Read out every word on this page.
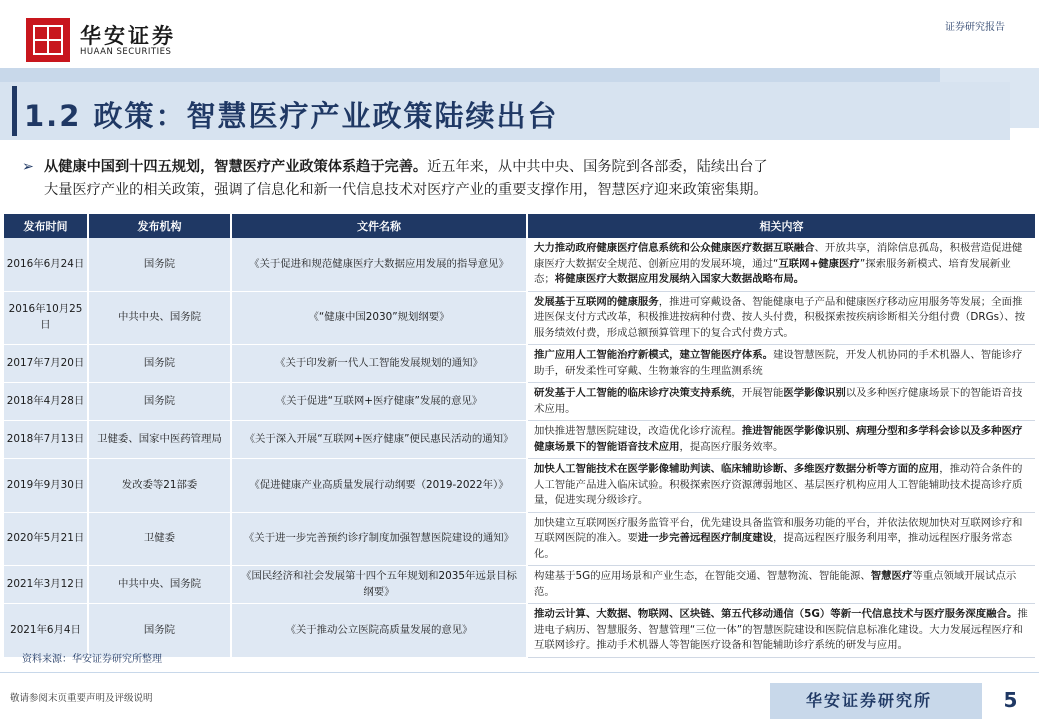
华安证券
HUAAN SECURITIES
证券研究报告
1.2 政策：智慧医疗产业政策陆续出台
➢ 从健康中国到十四五规划，智慧医疗产业政策体系趋于完善。近五年来，从中共中央、国务院到各部委，陆续出台了
大量医疗产业的相关政策，强调了信息化和新一代信息技术对医疗产业的重要支撑作用，智慧医疗迎来政策密集期。
发布时间	发布机构	文件名称	相关内容
2016年6月24日	国务院	《关于促进和规范健康医疗大数据应用发展的指导意见》	大力推动政府健康医疗信息系统和公众健康医疗数据互联融合、开放共享，消除信息孤岛，积极营造促进健康医疗大数据安全规范、创新应用的发展环境，通过“互联网+健康医疗”探索服务新模式、培育发展新业态；将健康医疗大数据应用发展纳入国家大数据战略布局。
2016年10月25日	中共中央、国务院	《“健康中国2030”规划纲要》	发展基于互联网的健康服务，推进可穿戴设备、智能健康电子产品和健康医疗移动应用服务等发展；全面推进医保支付方式改革，积极推进按病种付费、按人头付费，积极探索按疾病诊断相关分组付费（DRGs）、按服务绩效付费，形成总额预算管理下的复合式付费方式。
2017年7月20日	国务院	《关于印发新一代人工智能发展规划的通知》	推广应用人工智能治疗新模式，建立智能医疗体系。建设智慧医院，开发人机协同的手术机器人、智能诊疗助手，研发柔性可穿戴、生物兼容的生理监测系统
2018年4月28日	国务院	《关于促进“互联网+医疗健康”发展的意见》	研发基于人工智能的临床诊疗决策支持系统，开展智能医学影像识别以及多种医疗健康场景下的智能语音技术应用。
2018年7月13日	卫健委、国家中医药管理局	《关于深入开展“互联网+医疗健康”便民惠民活动的通知》	加快推进智慧医院建设，改造优化诊疗流程。推进智能医学影像识别、病理分型和多学科会诊以及多种医疗健康场景下的智能语音技术应用，提高医疗服务效率。
2019年9月30日	发改委等21部委	《促进健康产业高质量发展行动纲要（2019-2022年）》	加快人工智能技术在医学影像辅助判读、临床辅助诊断、多维医疗数据分析等方面的应用，推动符合条件的人工智能产品进入临床试验。积极探索医疗资源薄弱地区、基层医疗机构应用人工智能辅助技术提高诊疗质量，促进实现分级诊疗。
2020年5月21日	卫健委	《关于进一步完善预约诊疗制度加强智慧医院建设的通知》	加快建立互联网医疗服务监管平台，优先建设具备监管和服务功能的平台，并依法依规加快对互联网诊疗和互联网医院的准入。要进一步完善远程医疗制度建设，提高远程医疗服务利用率，推动远程医疗服务常态化。
2021年3月12日	中共中央、国务院	《国民经济和社会发展第十四个五年规划和2035年远景目标纲要》	构建基于5G的应用场景和产业生态，在智能交通、智慧物流、智能能源、智慧医疗等重点领域开展试点示范。
2021年6月4日	国务院	《关于推动公立医院高质量发展的意见》	推动云计算、大数据、物联网、区块链、第五代移动通信（5G）等新一代信息技术与医疗服务深度融合。推进电子病历、智慧服务、智慧管理“三位一体”的智慧医院建设和医院信息标准化建设。大力发展远程医疗和互联网诊疗。推动手术机器人等智能医疗设备和智能辅助诊疗系统的研发与应用。
资料来源：华安证券研究所整理
敬请参阅末页重要声明及评级说明	华安证券研究所	5
